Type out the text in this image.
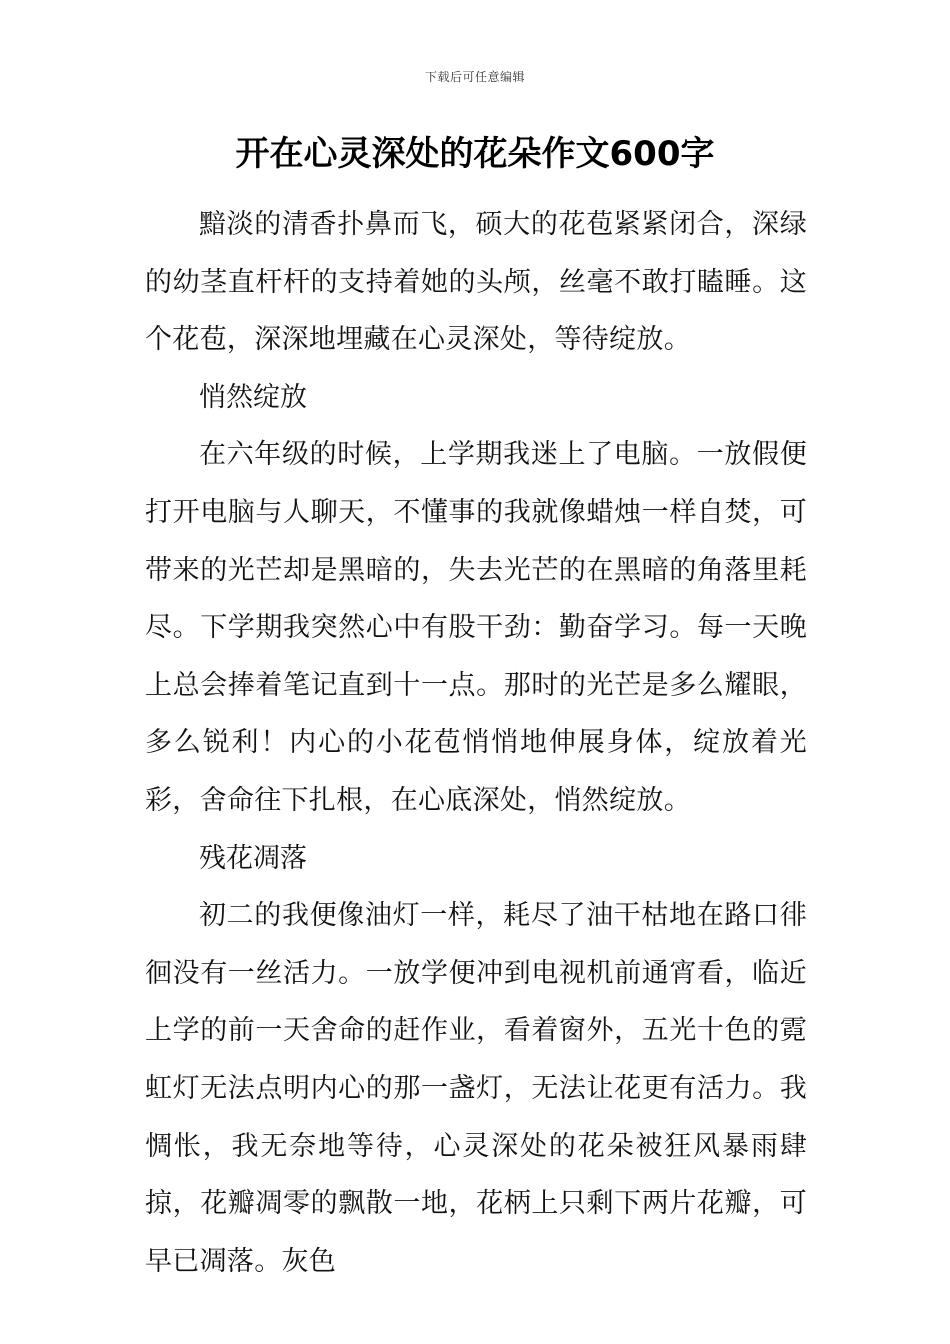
下载后可任意编辑
开在心灵深处的花朵作文600字

黯淡的清香扑鼻而飞，硕大的花苞紧紧闭合，深绿的幼茎直杆杆的支持着她的头颅，丝毫不敢打瞌睡。这个花苞，深深地埋藏在心灵深处，等待绽放。

悄然绽放

在六年级的时候，上学期我迷上了电脑。一放假便打开电脑与人聊天，不懂事的我就像蜡烛一样自焚，可带来的光芒却是黑暗的，失去光芒的在黑暗的角落里耗尽。下学期我突然心中有股干劲：勤奋学习。每一天晚上总会捧着笔记直到十一点。那时的光芒是多么耀眼，多么锐利！内心的小花苞悄悄地伸展身体，绽放着光彩，舍命往下扎根，在心底深处，悄然绽放。

残花凋落

初二的我便像油灯一样，耗尽了油干枯地在路口徘徊没有一丝活力。一放学便冲到电视机前通宵看，临近上学的前一天舍命的赶作业，看着窗外，五光十色的霓虹灯无法点明内心的那一盏灯，无法让花更有活力。我惆怅，我无奈地等待，心灵深处的花朵被狂风暴雨肆掠，花瓣凋零的飘散一地，花柄上只剩下两片花瓣，可早已凋落。灰色
